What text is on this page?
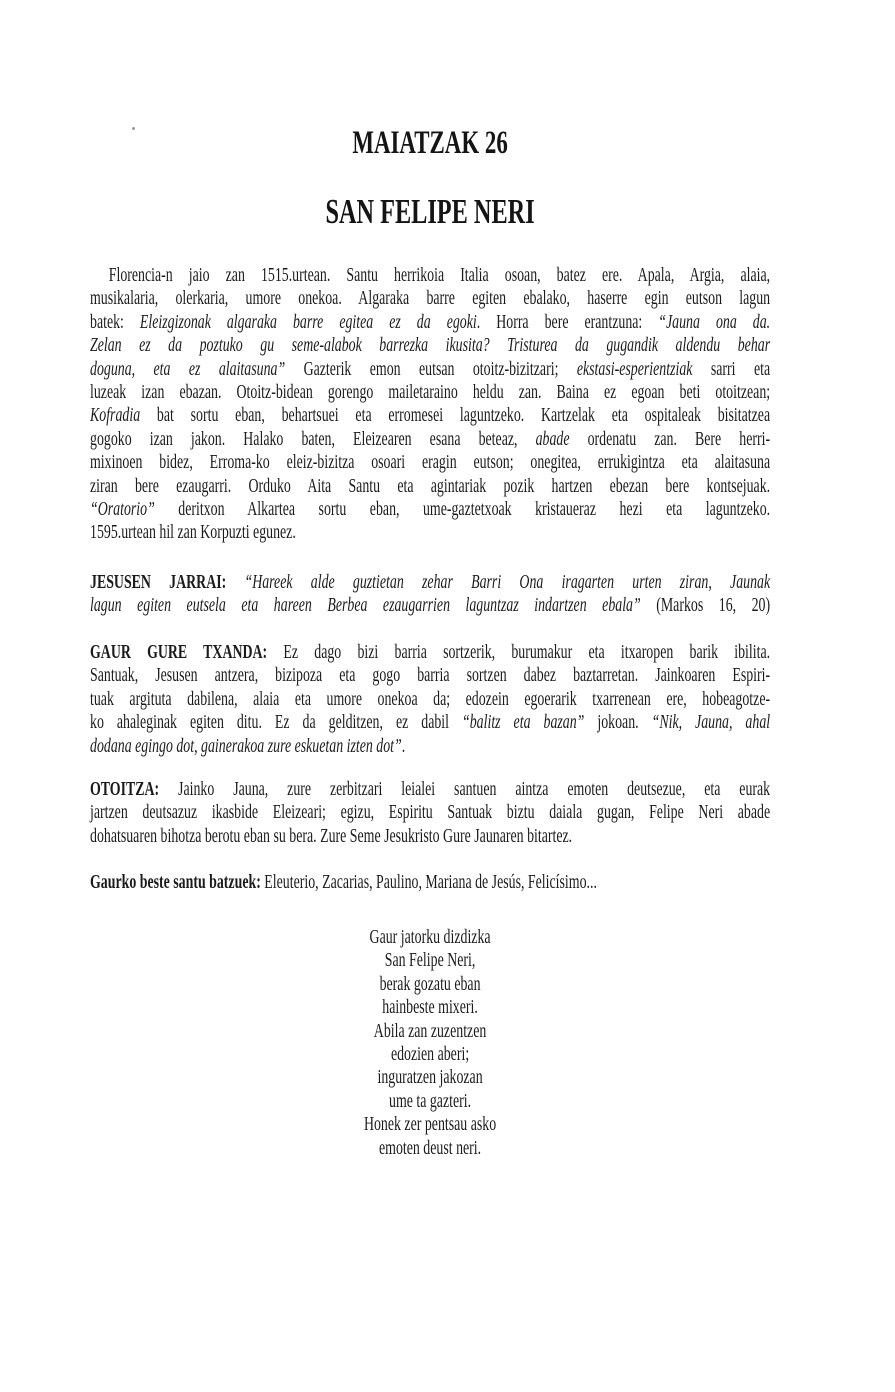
MAIATZAK 26
SAN FELIPE NERI
Florencia-n jaio zan 1515.urtean. Santu herrikoia Italia osoan, batez ere. Apala, Argia, alaia,
musikalaria, olerkaria, umore onekoa. Algaraka barre egiten ebalako, haserre egin eutson lagun
batek: Eleizgizonak algaraka barre egitea ez da egoki. Horra bere erantzuna: “Jauna ona da.
Zelan ez da poztuko gu seme-alabok barrezka ikusita? Tristurea da gugandik aldendu behar
doguna, eta ez alaitasuna” Gazterik emon eutsan otoitz-bizitzari; ekstasi-esperientziak sarri eta
luzeak izan ebazan. Otoitz-bidean gorengo mailetaraino heldu zan. Baina ez egoan beti otoitzean;
Kofradia bat sortu eban, behartsuei eta erromesei laguntzeko. Kartzelak eta ospitaleak bisitatzea
gogoko izan jakon. Halako baten, Eleizearen esana beteaz, abade ordenatu zan. Bere herri-
mixinoen bidez, Erroma-ko eleiz-bizitza osoari eragin eutson; onegitea, errukigintza eta alaitasuna
ziran bere ezaugarri. Orduko Aita Santu eta agintariak pozik hartzen ebezan bere kontsejuak.
“Oratorio” deritxon Alkartea sortu eban, ume-gaztetxoak kristaueraz hezi eta laguntzeko.
1595.urtean hil zan Korpuzti egunez.
JESUSEN JARRAI: “Hareek alde guztietan zehar Barri Ona iragarten urten ziran, Jaunak
lagun egiten eutsela eta hareen Berbea ezaugarrien laguntzaz indartzen ebala” (Markos 16, 20)
GAUR GURE TXANDA: Ez dago bizi barria sortzerik, burumakur eta itxaropen barik ibilita.
Santuak, Jesusen antzera, bizipoza eta gogo barria sortzen dabez baztarretan. Jainkoaren Espiri-
tuak argituta dabilena, alaia eta umore onekoa da; edozein egoerarik txarrenean ere, hobeagotze-
ko ahaleginak egiten ditu. Ez da gelditzen, ez dabil “balitz eta bazan” jokoan. “Nik, Jauna, ahal
dodana egingo dot, gainerakoa zure eskuetan izten dot”.
OTOITZA: Jainko Jauna, zure zerbitzari leialei santuen aintza emoten deutsezue, eta eurak
jartzen deutsazuz ikasbide Eleizeari; egizu, Espiritu Santuak biztu daiala gugan, Felipe Neri abade
dohatsuaren bihotza berotu eban su bera. Zure Seme Jesukristo Gure Jaunaren bitartez.
Gaurko beste santu batzuek: Eleuterio, Zacarias, Paulino, Mariana de Jesús, Felicísimo...
Gaur jatorku dizdizka
San Felipe Neri,
berak gozatu eban
hainbeste mixeri.
Abila zan zuzentzen
edozien aberi;
inguratzen jakozan
ume ta gazteri.
Honek zer pentsau asko
emoten deust neri.
